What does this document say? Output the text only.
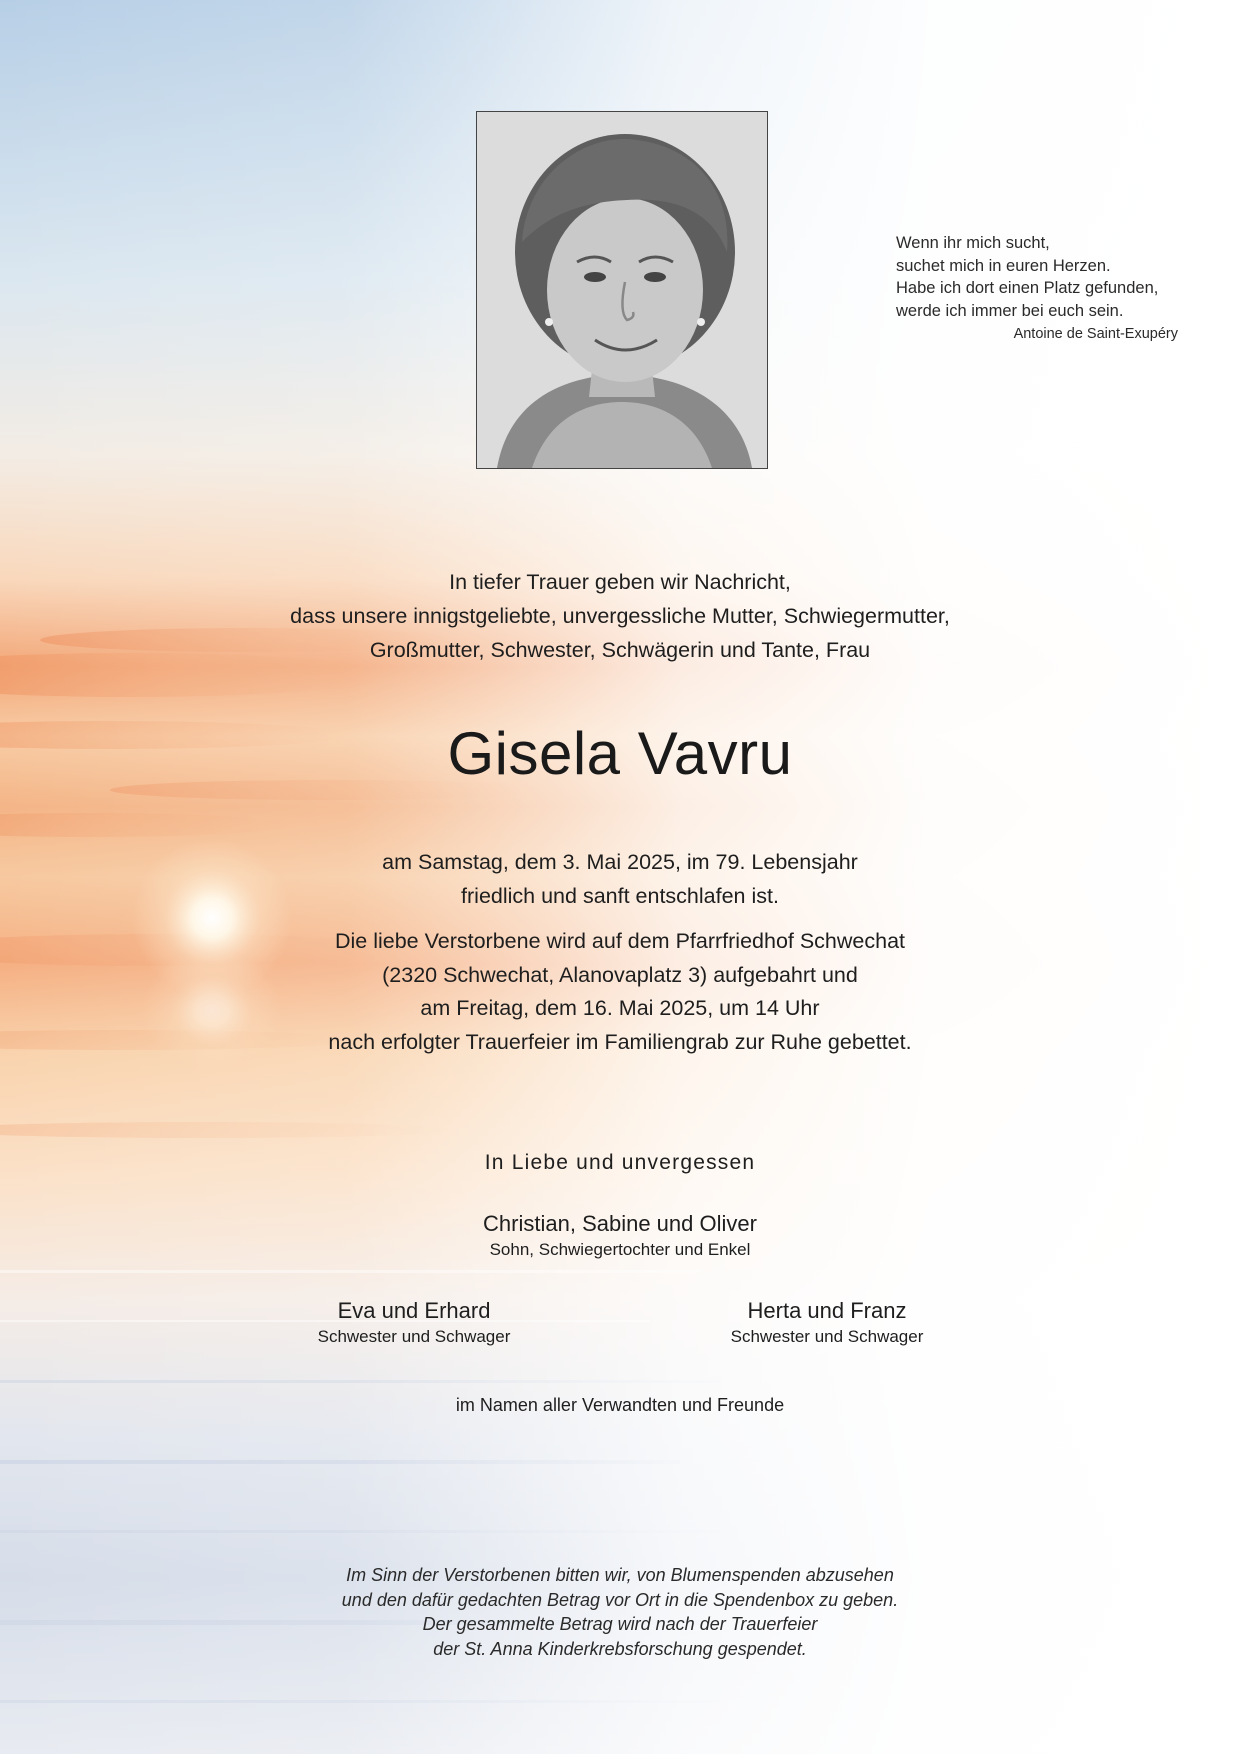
Wenn ihr mich sucht,
suchet mich in euren Herzen.
Habe ich dort einen Platz gefunden,
werde ich immer bei euch sein.
Antoine de Saint-Exupéry
In tiefer Trauer geben wir Nachricht,
dass unsere innigstgeliebte, unvergessliche Mutter, Schwiegermutter,
Großmutter, Schwester, Schwägerin und Tante, Frau
Gisela Vavru
am Samstag, dem 3. Mai 2025, im 79. Lebensjahr
friedlich und sanft entschlafen ist.
Die liebe Verstorbene wird auf dem Pfarrfriedhof Schwechat
(2320 Schwechat, Alanovaplatz 3) aufgebahrt und
am Freitag, dem 16. Mai 2025, um 14 Uhr
nach erfolgter Trauerfeier im Familiengrab zur Ruhe gebettet.
In Liebe und unvergessen
Christian, Sabine und Oliver
Sohn, Schwiegertochter und Enkel
Eva und Erhard
Schwester und Schwager
Herta und Franz
Schwester und Schwager
im Namen aller Verwandten und Freunde
Im Sinn der Verstorbenen bitten wir, von Blumenspenden abzusehen
und den dafür gedachten Betrag vor Ort in die Spendenbox zu geben.
Der gesammelte Betrag wird nach der Trauerfeier
der St. Anna Kinderkrebsforschung gespendet.
